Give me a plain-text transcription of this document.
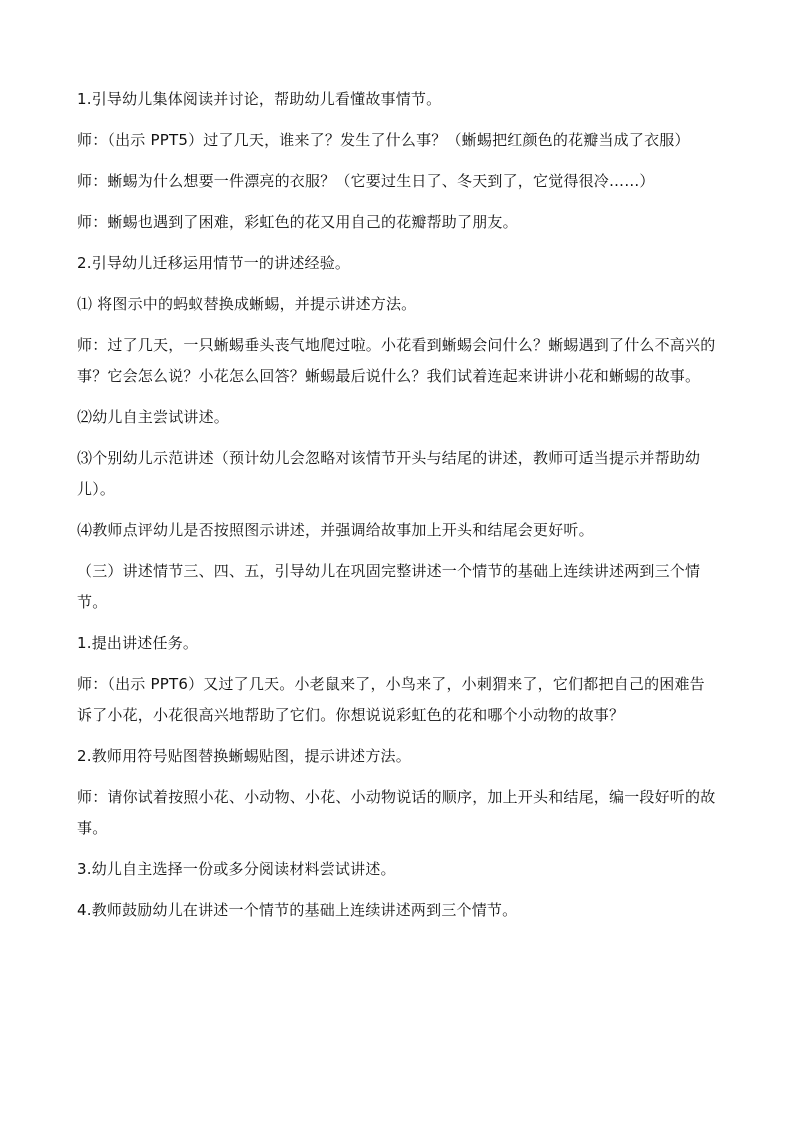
1.引导幼儿集体阅读并讨论，帮助幼儿看懂故事情节。

师：（出示 PPT5）过了几天，谁来了？发生了什么事？（蜥蜴把红颜色的花瓣当成了衣服）

师：蜥蜴为什么想要一件漂亮的衣服？（它要过生日了、冬天到了，它觉得很冷……）

师：蜥蜴也遇到了困难，彩虹色的花又用自己的花瓣帮助了朋友。

2.引导幼儿迁移运用情节一的讲述经验。

⑴ 将图示中的蚂蚁替换成蜥蜴，并提示讲述方法。

师：过了几天，一只蜥蜴垂头丧气地爬过啦。小花看到蜥蜴会问什么？蜥蜴遇到了什么不高兴的事？它会怎么说？小花怎么回答？蜥蜴最后说什么？我们试着连起来讲讲小花和蜥蜴的故事。

⑵幼儿自主尝试讲述。

⑶个别幼儿示范讲述（预计幼儿会忽略对该情节开头与结尾的讲述，教师可适当提示并帮助幼儿）。

⑷教师点评幼儿是否按照图示讲述，并强调给故事加上开头和结尾会更好听。

（三）讲述情节三、四、五，引导幼儿在巩固完整讲述一个情节的基础上连续讲述两到三个情节。

1.提出讲述任务。

师：（出示 PPT6）又过了几天。小老鼠来了，小鸟来了，小刺猬来了，它们都把自己的困难告诉了小花，小花很高兴地帮助了它们。你想说说彩虹色的花和哪个小动物的故事？

2.教师用符号贴图替换蜥蜴贴图，提示讲述方法。

师：请你试着按照小花、小动物、小花、小动物说话的顺序，加上开头和结尾，编一段好听的故事。

3.幼儿自主选择一份或多分阅读材料尝试讲述。

4.教师鼓励幼儿在讲述一个情节的基础上连续讲述两到三个情节。
